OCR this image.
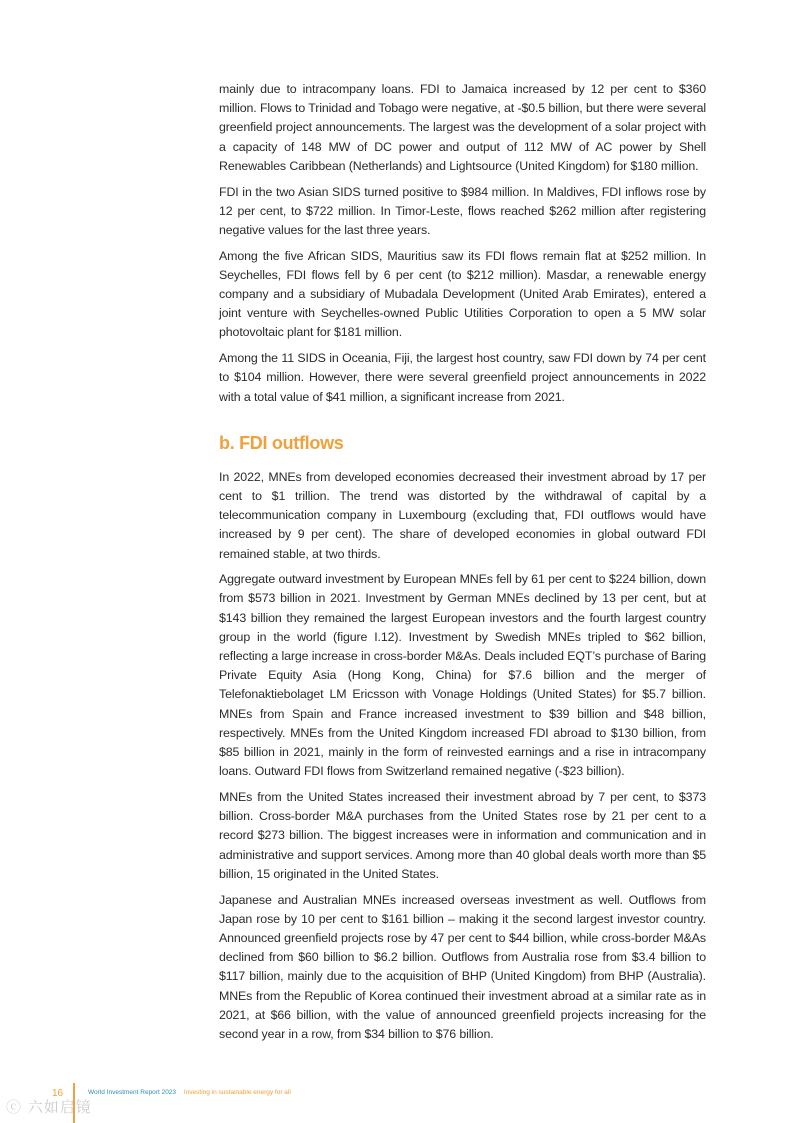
mainly due to intracompany loans. FDI to Jamaica increased by 12 per cent to $360 million. Flows to Trinidad and Tobago were negative, at -$0.5 billion, but there were several greenfield project announcements. The largest was the development of a solar project with a capacity of 148 MW of DC power and output of 112 MW of AC power by Shell Renewables Caribbean (Netherlands) and Lightsource (United Kingdom) for $180 million.

FDI in the two Asian SIDS turned positive to $984 million. In Maldives, FDI inflows rose by 12 per cent, to $722 million. In Timor-Leste, flows reached $262 million after registering negative values for the last three years.

Among the five African SIDS, Mauritius saw its FDI flows remain flat at $252 million. In Seychelles, FDI flows fell by 6 per cent (to $212 million). Masdar, a renewable energy company and a subsidiary of Mubadala Development (United Arab Emirates), entered a joint venture with Seychelles-owned Public Utilities Corporation to open a 5 MW solar photovoltaic plant for $181 million.

Among the 11 SIDS in Oceania, Fiji, the largest host country, saw FDI down by 74 per cent to $104 million. However, there were several greenfield project announcements in 2022 with a total value of $41 million, a significant increase from 2021.

b. FDI outflows

In 2022, MNEs from developed economies decreased their investment abroad by 17 per cent to $1 trillion. The trend was distorted by the withdrawal of capital by a telecommunication company in Luxembourg (excluding that, FDI outflows would have increased by 9 per cent). The share of developed economies in global outward FDI remained stable, at two thirds.

Aggregate outward investment by European MNEs fell by 61 per cent to $224 billion, down from $573 billion in 2021. Investment by German MNEs declined by 13 per cent, but at $143 billion they remained the largest European investors and the fourth largest country group in the world (figure I.12). Investment by Swedish MNEs tripled to $62 billion, reflecting a large increase in cross-border M&As. Deals included EQT’s purchase of Baring Private Equity Asia (Hong Kong, China) for $7.6 billion and the merger of Telefonaktiebolaget LM Ericsson with Vonage Holdings (United States) for $5.7 billion. MNEs from Spain and France increased investment to $39 billion and $48 billion, respectively. MNEs from the United Kingdom increased FDI abroad to $130 billion, from $85 billion in 2021, mainly in the form of reinvested earnings and a rise in intracompany loans. Outward FDI flows from Switzerland remained negative (-$23 billion).

MNEs from the United States increased their investment abroad by 7 per cent, to $373 billion. Cross-border M&A purchases from the United States rose by 21 per cent to a record $273 billion. The biggest increases were in information and communication and in administrative and support services. Among more than 40 global deals worth more than $5 billion, 15 originated in the United States.

Japanese and Australian MNEs increased overseas investment as well. Outflows from Japan rose by 10 per cent to $161 billion – making it the second largest investor country. Announced greenfield projects rose by 47 per cent to $44 billion, while cross-border M&As declined from $60 billion to $6.2 billion. Outflows from Australia rose from $3.4 billion to $117 billion, mainly due to the acquisition of BHP (United Kingdom) from BHP (Australia). MNEs from the Republic of Korea continued their investment abroad at a similar rate as in 2021, at $66 billion, with the value of announced greenfield projects increasing for the second year in a row, from $34 billion to $76 billion.

16	World Investment Report 2023 Investing in sustainable energy for all
ⓒ 六如启镜
